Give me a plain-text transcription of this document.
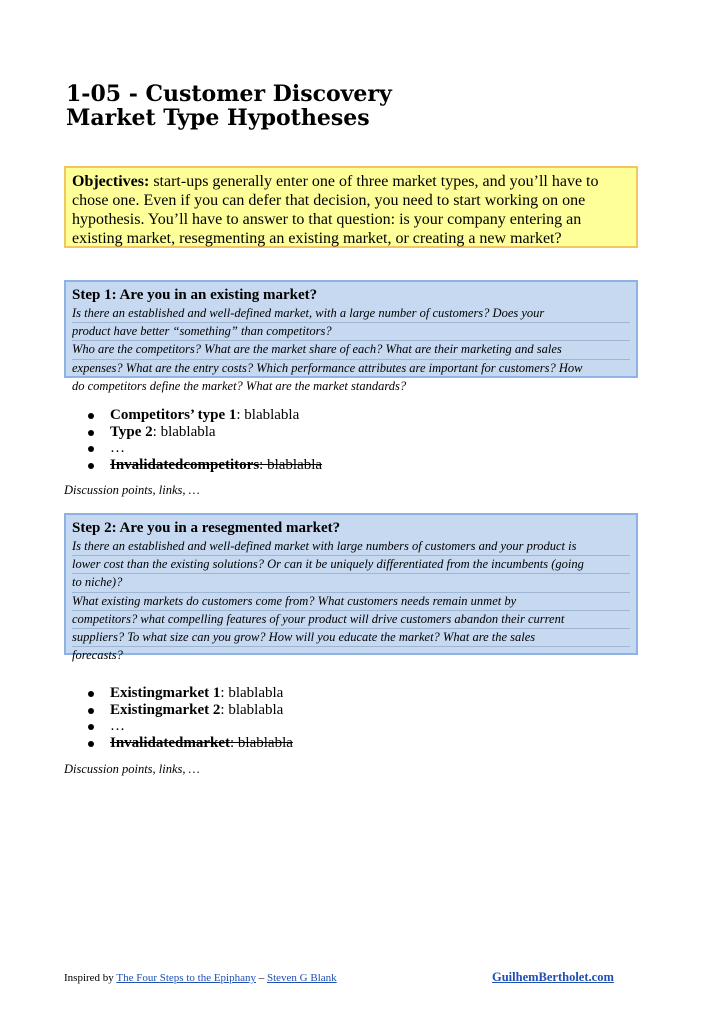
1-05 - Customer Discovery
Market Type Hypotheses
Objectives: start-ups generally enter one of three market types, and you’ll have to chose one. Even if you can defer that decision, you need to start working on one hypothesis. You’ll have to answer to that question: is your company entering an existing market, resegmenting an existing market, or creating a new market?
Step 1: Are you in an existing market?
Is there an established and well-defined market, with a large number of customers? Does your
product have better “something” than competitors?
Who are the competitors? What are the market share of each? What are their marketing and sales
expenses? What are the entry costs? Which performance attributes are important for customers? How
do competitors define the market? What are the market standards?
Competitors’ type 1: blablabla
Type 2: blablabla
…
Invalidatedcompetitors: blablabla
Discussion points, links, …
Step 2: Are you in a resegmented market?
Is there an established and well-defined market with large numbers of customers and your product is
lower cost than the existing solutions? Or can it be uniquely differentiated from the incumbents (going
to niche)?
What existing markets do customers come from? What customers needs remain unmet by
competitors? what compelling features of your product will drive customers abandon their current
suppliers? To what size can you grow? How will you educate the market? What are the sales
forecasts?
Existingmarket 1: blablabla
Existingmarket 2: blablabla
…
Invalidatedmarket: blablabla
Discussion points, links, …
Inspired by The Four Steps to the Epiphany – Steven G Blank	GuilhemBertholet.com
